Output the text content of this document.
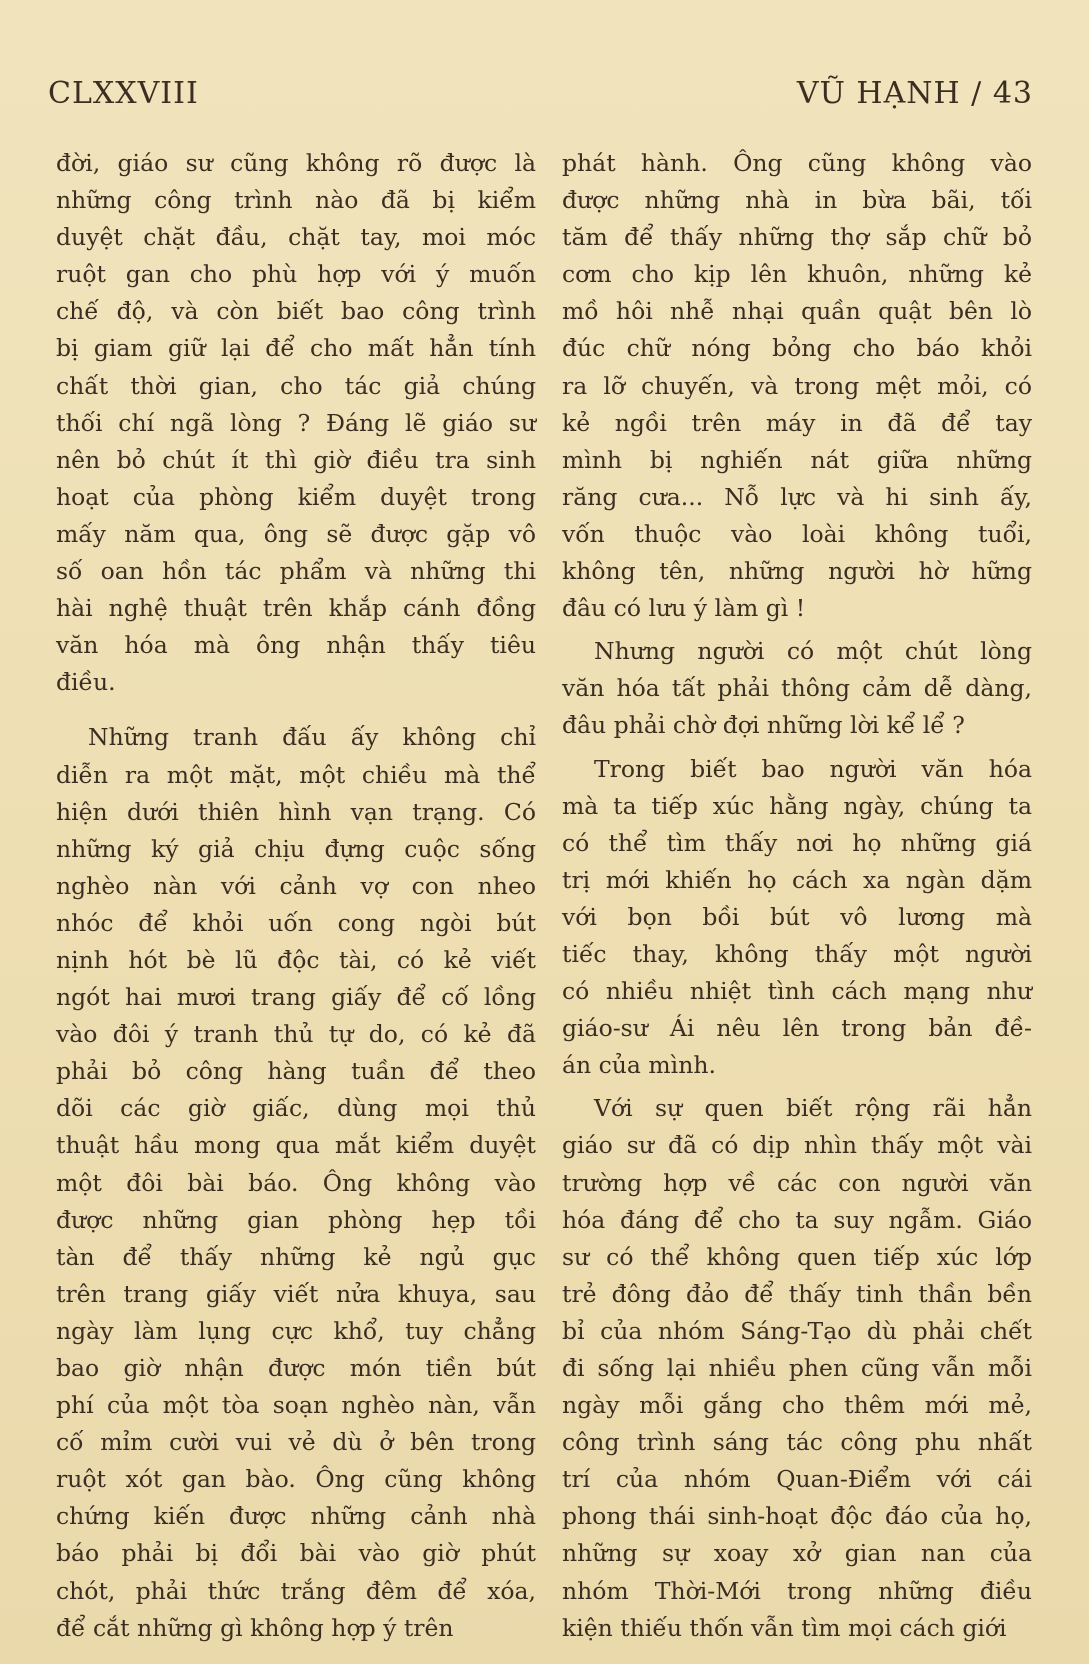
CLXXVIII	VŨ HẠNH / 43
đời, giáo sư cũng không rõ được là
những công trình nào đã bị kiểm
duyệt chặt đầu, chặt tay, moi móc
ruột gan cho phù hợp với ý muốn
chế độ, và còn biết bao công trình
bị giam giữ lại để cho mất hẳn tính
chất thời gian, cho tác giả chúng
thối chí ngã lòng ? Đáng lẽ giáo sư
nên bỏ chút ít thì giờ điều tra sinh
hoạt của phòng kiểm duyệt trong
mấy năm qua, ông sẽ được gặp vô
số oan hồn tác phẩm và những thi
hài nghệ thuật trên khắp cánh đồng
văn hóa mà ông nhận thấy tiêu
điều.
Những tranh đấu ấy không chỉ
diễn ra một mặt, một chiều mà thể
hiện dưới thiên hình vạn trạng. Có
những ký giả chịu đựng cuộc sống
nghèo nàn với cảnh vợ con nheo
nhóc để khỏi uốn cong ngòi bút
nịnh hót bè lũ độc tài, có kẻ viết
ngót hai mươi trang giấy để cố lồng
vào đôi ý tranh thủ tự do, có kẻ đã
phải bỏ công hàng tuần để theo
dõi các giờ giấc, dùng mọi thủ
thuật hầu mong qua mắt kiểm duyệt
một đôi bài báo. Ông không vào
được những gian phòng hẹp tồi
tàn để thấy những kẻ ngủ gục
trên trang giấy viết nửa khuya, sau
ngày làm lụng cực khổ, tuy chẳng
bao giờ nhận được món tiền bút
phí của một tòa soạn nghèo nàn, vẫn
cố mỉm cười vui vẻ dù ở bên trong
ruột xót gan bào. Ông cũng không
chứng kiến được những cảnh nhà
báo phải bị đổi bài vào giờ phút
chót, phải thức trắng đêm để xóa,
để cắt những gì không hợp ý trên
phát hành. Ông cũng không vào
được những nhà in bừa bãi, tối
tăm để thấy những thợ sắp chữ bỏ
cơm cho kịp lên khuôn, những kẻ
mồ hôi nhễ nhại quần quật bên lò
đúc chữ nóng bỏng cho báo khỏi
ra lỡ chuyến, và trong mệt mỏi, có
kẻ ngồi trên máy in đã để tay
mình bị nghiến nát giữa những
răng cưa... Nỗ lực và hi sinh ấy,
vốn thuộc vào loài không tuổi,
không tên, những người hờ hững
đâu có lưu ý làm gì !
Nhưng người có một chút lòng
văn hóa tất phải thông cảm dễ dàng,
đâu phải chờ đợi những lời kể lể ?
Trong biết bao người văn hóa
mà ta tiếp xúc hằng ngày, chúng ta
có thể tìm thấy nơi họ những giá
trị mới khiến họ cách xa ngàn dặm
với bọn bồi bút vô lương mà
tiếc thay, không thấy một người
có nhiều nhiệt tình cách mạng như
giáo-sư Ái nêu lên trong bản đề-
án của mình.
Với sự quen biết rộng rãi hẳn
giáo sư đã có dịp nhìn thấy một vài
trường hợp về các con người văn
hóa đáng để cho ta suy ngẫm. Giáo
sư có thể không quen tiếp xúc lớp
trẻ đông đảo để thấy tinh thần bền
bỉ của nhóm Sáng-Tạo dù phải chết
đi sống lại nhiều phen cũng vẫn mỗi
ngày mỗi gắng cho thêm mới mẻ,
công trình sáng tác công phu nhất
trí của nhóm Quan-Điểm với cái
phong thái sinh-hoạt độc đáo của họ,
những sự xoay xở gian nan của
nhóm Thời-Mới trong những điều
kiện thiếu thốn vẫn tìm mọi cách giới
